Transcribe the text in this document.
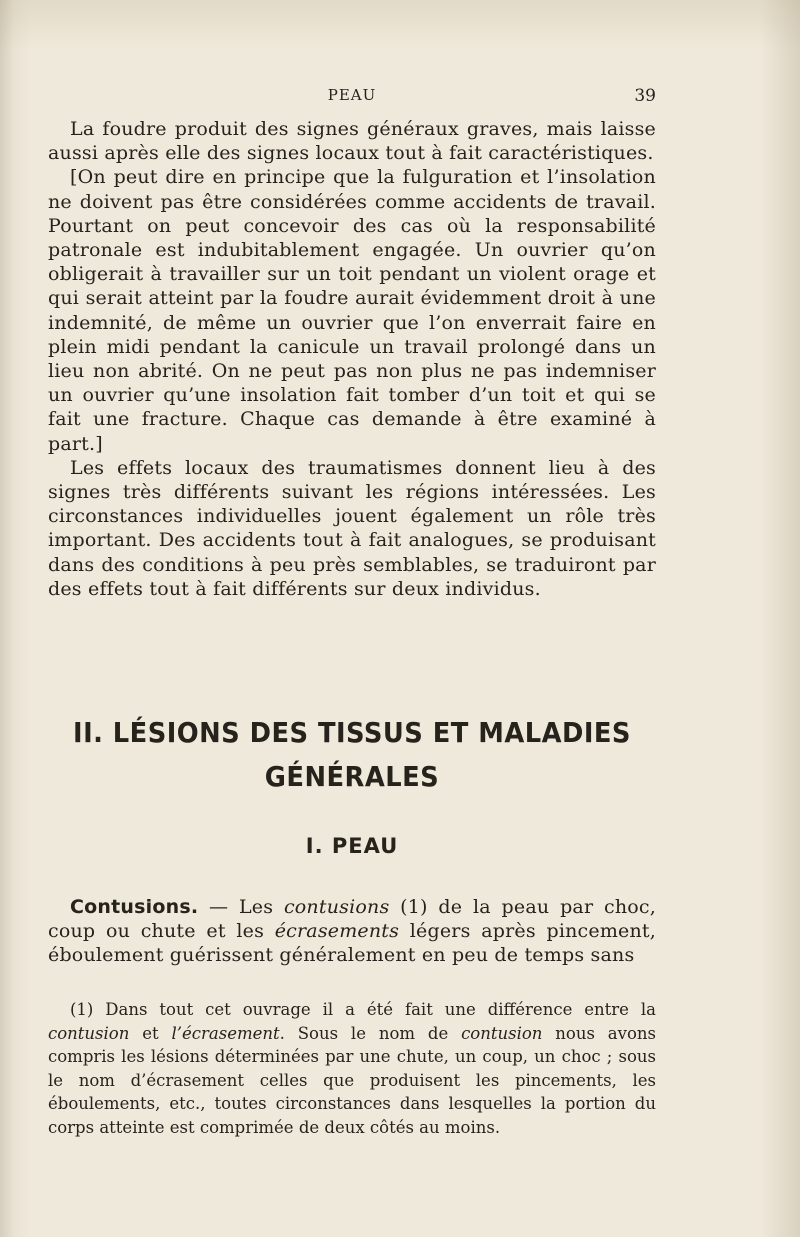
PEAU	39

La foudre produit des signes généraux graves, mais laisse aussi après elle des signes locaux tout à fait caractéristiques.

[On peut dire en principe que la fulguration et l’insolation ne doivent pas être considérées comme accidents de travail. Pourtant on peut concevoir des cas où la responsabilité patronale est indubitablement engagée. Un ouvrier qu’on obligerait à travailler sur un toit pendant un violent orage et qui serait atteint par la foudre aurait évidemment droit à une indemnité, de même un ouvrier que l’on enverrait faire en plein midi pendant la canicule un travail prolongé dans un lieu non abrité. On ne peut pas non plus ne pas indemniser un ouvrier qu’une insolation fait tomber d’un toit et qui se fait une fracture. Chaque cas demande à être examiné à part.]

Les effets locaux des traumatismes donnent lieu à des signes très différents suivant les régions intéressées. Les circonstances individuelles jouent également un rôle très important. Des accidents tout à fait analogues, se produisant dans des conditions à peu près semblables, se traduiront par des effets tout à fait différents sur deux individus.

II. LÉSIONS DES TISSUS ET MALADIES
GÉNÉRALES
I. PEAU

Contusions. — Les contusions (1) de la peau par choc, coup ou chute et les écrasements légers après pincement, éboulement guérissent généralement en peu de temps sans

(1) Dans tout cet ouvrage il a été fait une différence entre la contusion et l’écrasement. Sous le nom de contusion nous avons compris les lésions déterminées par une chute, un coup, un choc ; sous le nom d’écrasement celles que produisent les pincements, les éboulements, etc., toutes circonstances dans lesquelles la portion du corps atteinte est comprimée de deux côtés au moins.
